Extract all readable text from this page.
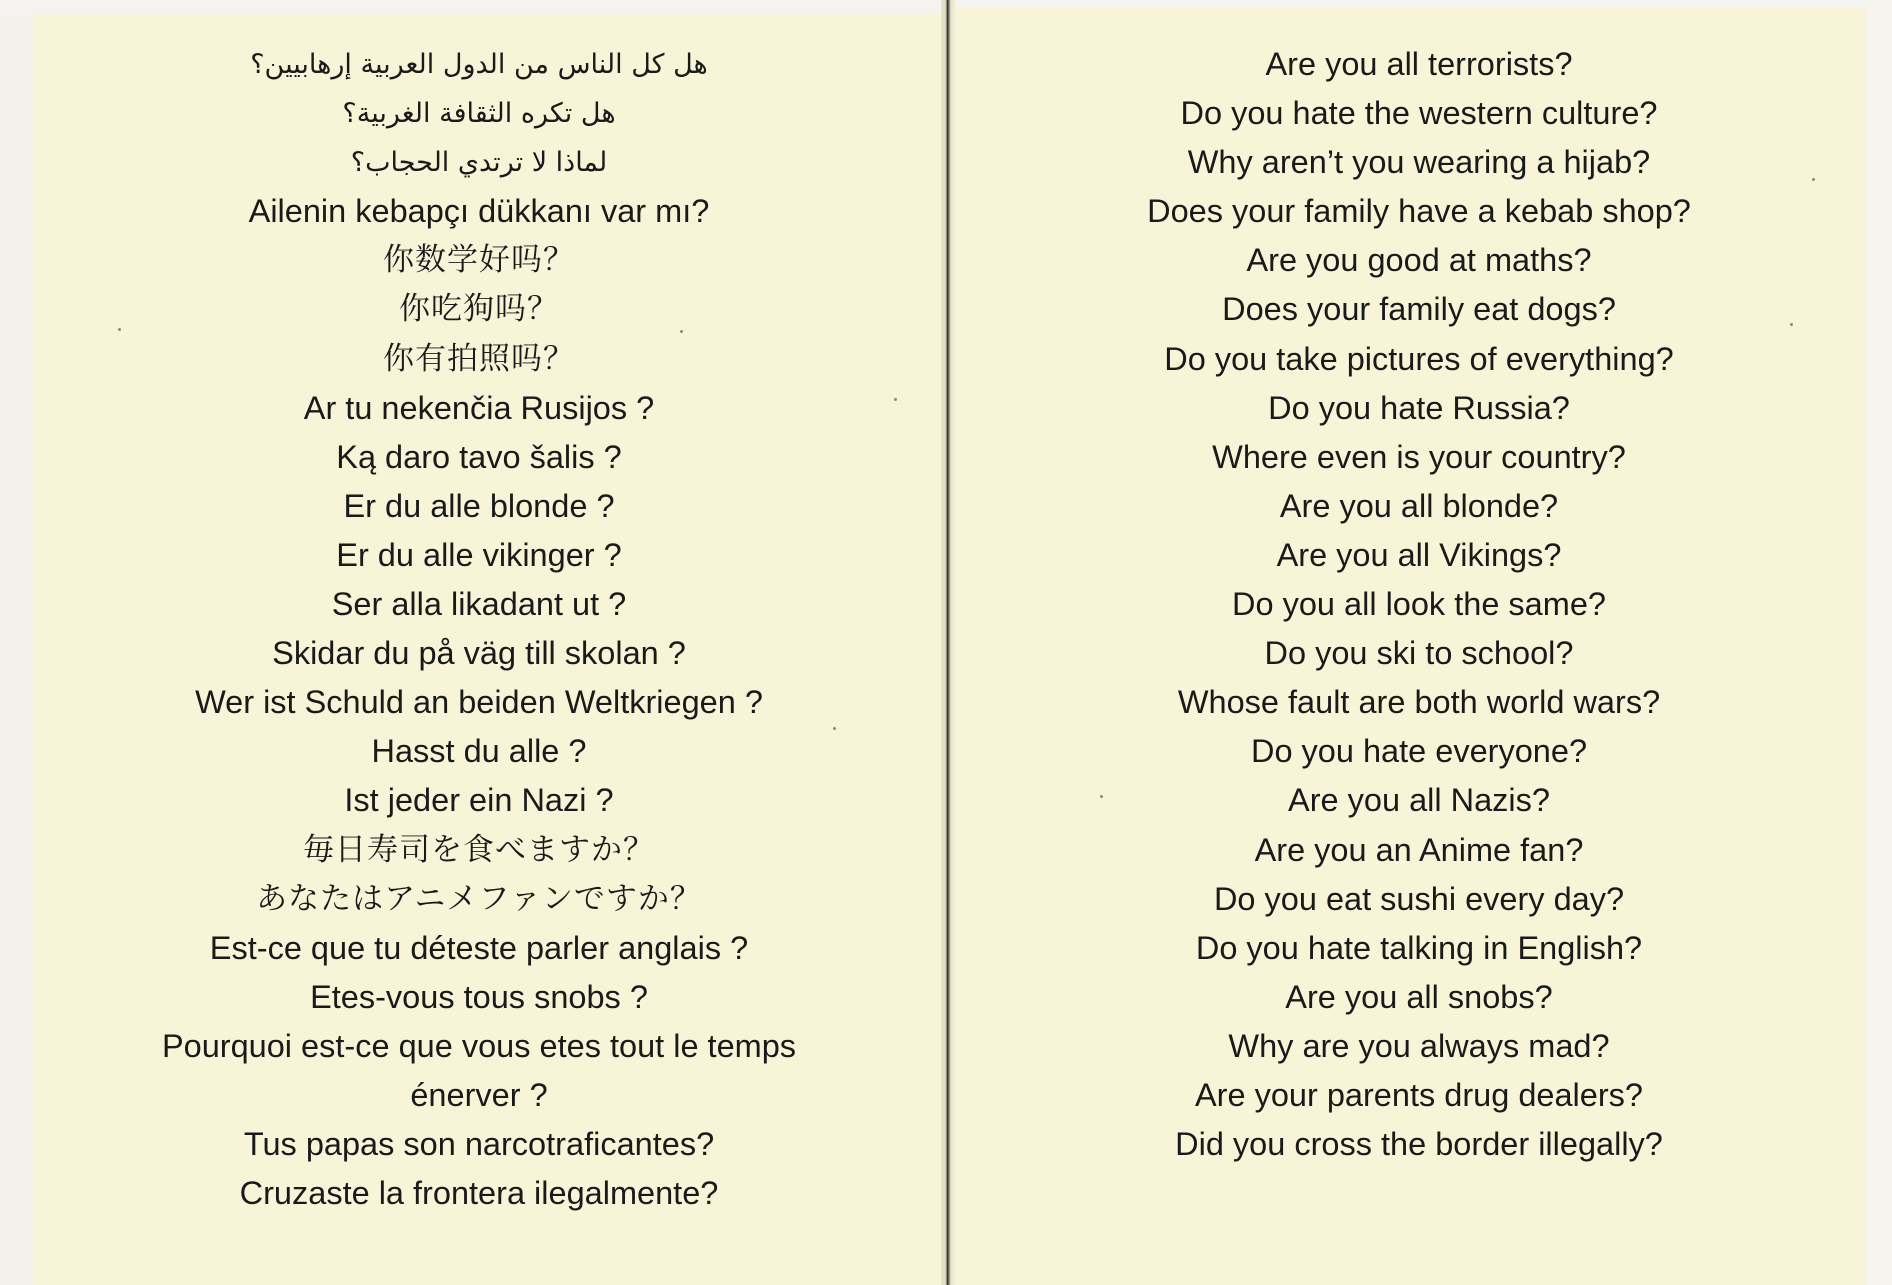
هل كل الناس من الدول العربية إرهابيين؟
هل تكره الثقافة الغربية؟
لماذا لا ترتدي الحجاب؟
Ailenin kebapçı dükkanı var mı?
你数学好吗？
你吃狗吗？
你有拍照吗？
Ar tu nekenčia Rusijos ?
Ką daro tavo šalis ?
Er du alle blonde ?
Er du alle vikinger ?
Ser alla likadant ut ?
Skidar du på väg till skolan ?
Wer ist Schuld an beiden Weltkriegen ?
Hasst du alle ?
Ist jeder ein Nazi ?
毎日寿司を食べますか？
あなたはアニメファンですか？
Est-ce que tu déteste parler anglais ?
Etes-vous tous snobs ?
Pourquoi est-ce que vous etes tout le temps
énerver ?
Tus papas son narcotraficantes?
Cruzaste la frontera ilegalmente?
Are you all terrorists?
Do you hate the western culture?
Why aren’t you wearing a hijab?
Does your family have a kebab shop?
Are you good at maths?
Does your family eat dogs?
Do you take pictures of everything?
Do you hate Russia?
Where even is your country?
Are you all blonde?
Are you all Vikings?
Do you all look the same?
Do you ski to school?
Whose fault are both world wars?
Do you hate everyone?
Are you all Nazis?
Are you an Anime fan?
Do you eat sushi every day?
Do you hate talking in English?
Are you all snobs?
Why are you always mad?
Are your parents drug dealers?
Did you cross the border illegally?
